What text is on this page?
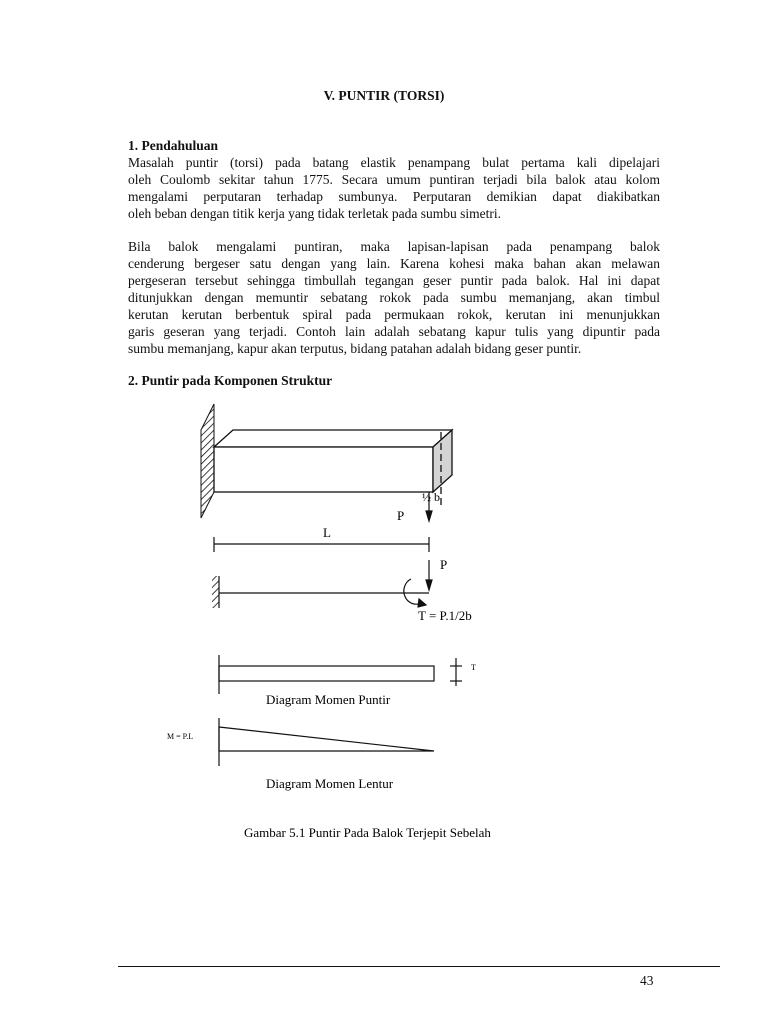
V. PUNTIR (TORSI)
1. Pendahuluan
Masalah puntir (torsi) pada batang elastik penampang bulat pertama kali dipelajari
oleh Coulomb sekitar tahun 1775. Secara umum puntiran terjadi bila balok atau kolom
mengalami perputaran terhadap sumbunya. Perputaran demikian dapat diakibatkan
oleh beban dengan titik kerja yang tidak terletak pada sumbu simetri.
Bila balok mengalami puntiran, maka lapisan-lapisan pada penampang balok
cenderung bergeser satu dengan yang lain. Karena kohesi maka bahan akan melawan
pergeseran tersebut sehingga timbullah tegangan geser puntir pada balok. Hal ini dapat
ditunjukkan dengan memuntir sebatang rokok pada sumbu memanjang, akan timbul
kerutan kerutan berbentuk spiral pada permukaan rokok, kerutan ini menunjukkan
garis geseran yang terjadi. Contoh lain adalah sebatang kapur tulis yang dipuntir pada
sumbu memanjang, kapur akan terputus, bidang patahan adalah bidang geser puntir.
2. Puntir pada Komponen Struktur
½ b
P
L
P
T = P.1/2b
T
Diagram Momen Puntir
M = P.L
Diagram Momen Lentur
Gambar 5.1 Puntir Pada Balok Terjepit Sebelah
43
